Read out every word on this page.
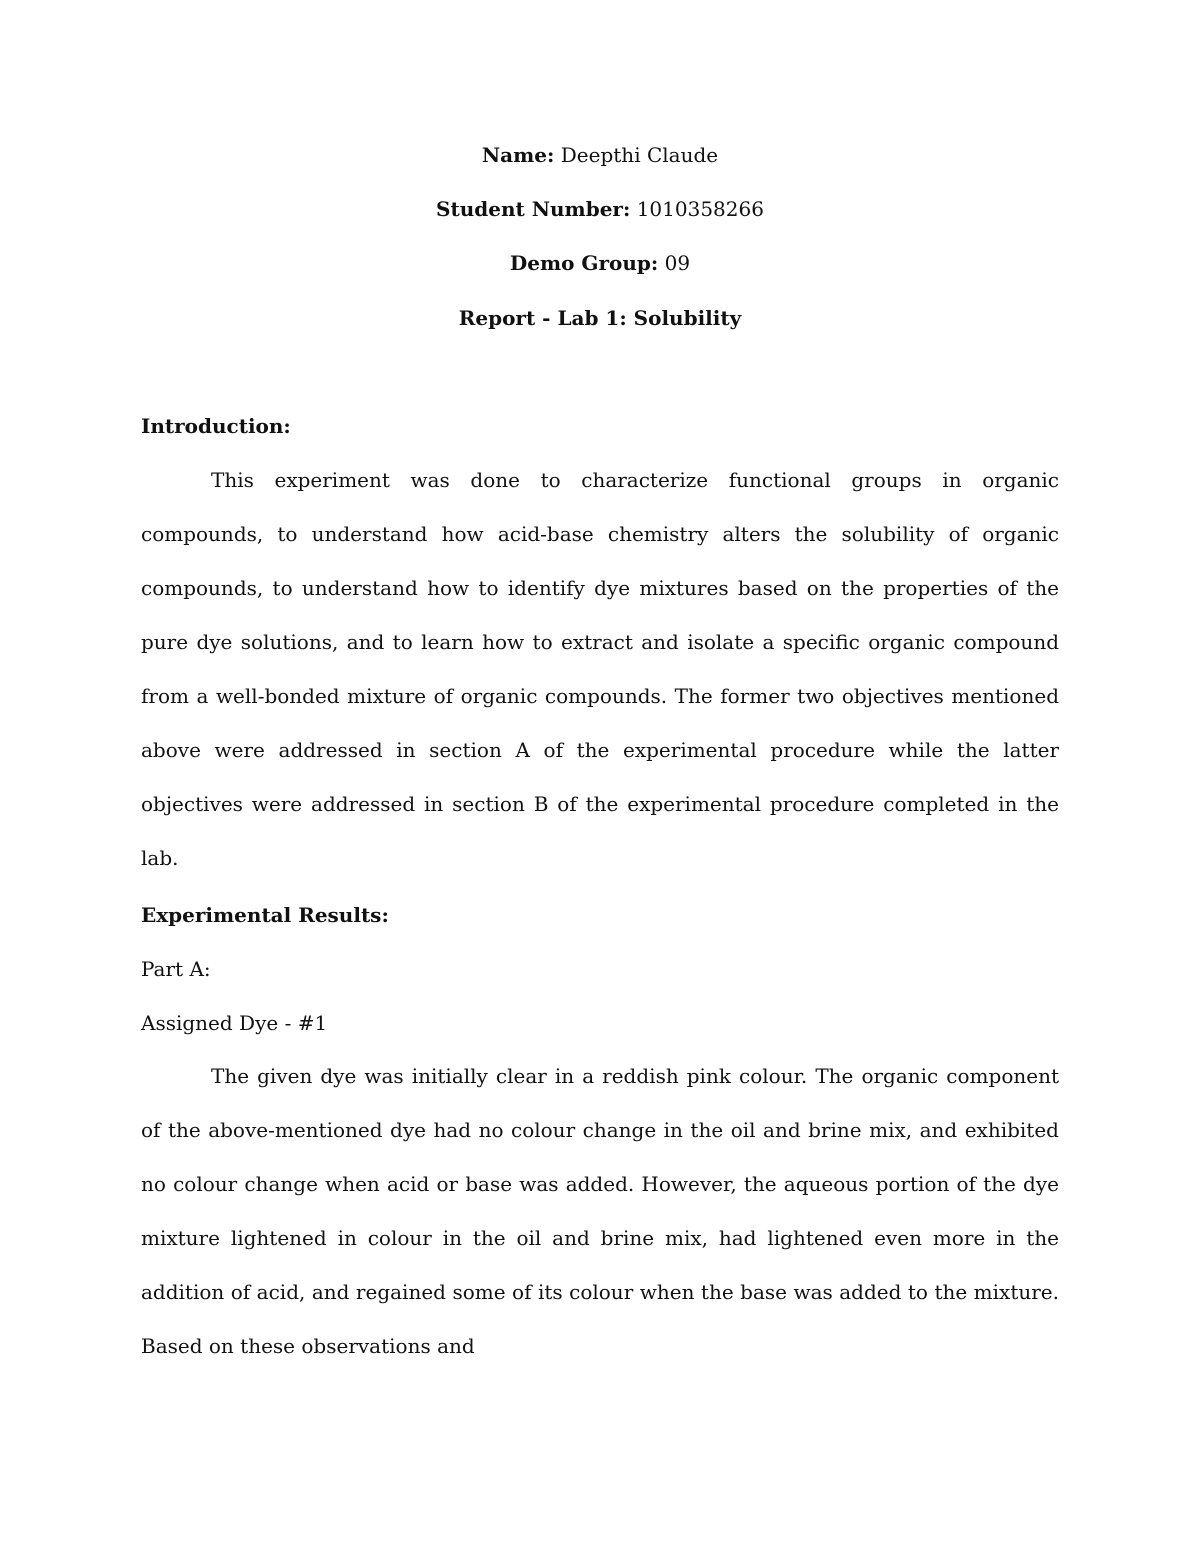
Name: Deepthi Claude
Student Number: 1010358266
Demo Group: 09
Report - Lab 1: Solubility
Introduction:

This experiment was done to characterize functional groups in organic compounds, to understand how acid-base chemistry alters the solubility of organic compounds, to understand how to identify dye mixtures based on the properties of the pure dye solutions, and to learn how to extract and isolate a specific organic compound from a well-bonded mixture of organic compounds. The former two objectives mentioned above were addressed in section A of the experimental procedure while the latter objectives were addressed in section B of the experimental procedure completed in the lab.

Experimental Results:
Part A:
Assigned Dye - #1

The given dye was initially clear in a reddish pink colour. The organic component of the above-mentioned dye had no colour change in the oil and brine mix, and exhibited no colour change when acid or base was added. However, the aqueous portion of the dye mixture lightened in colour in the oil and brine mix, had lightened even more in the addition of acid, and regained some of its colour when the base was added to the mixture. Based on these observations and
